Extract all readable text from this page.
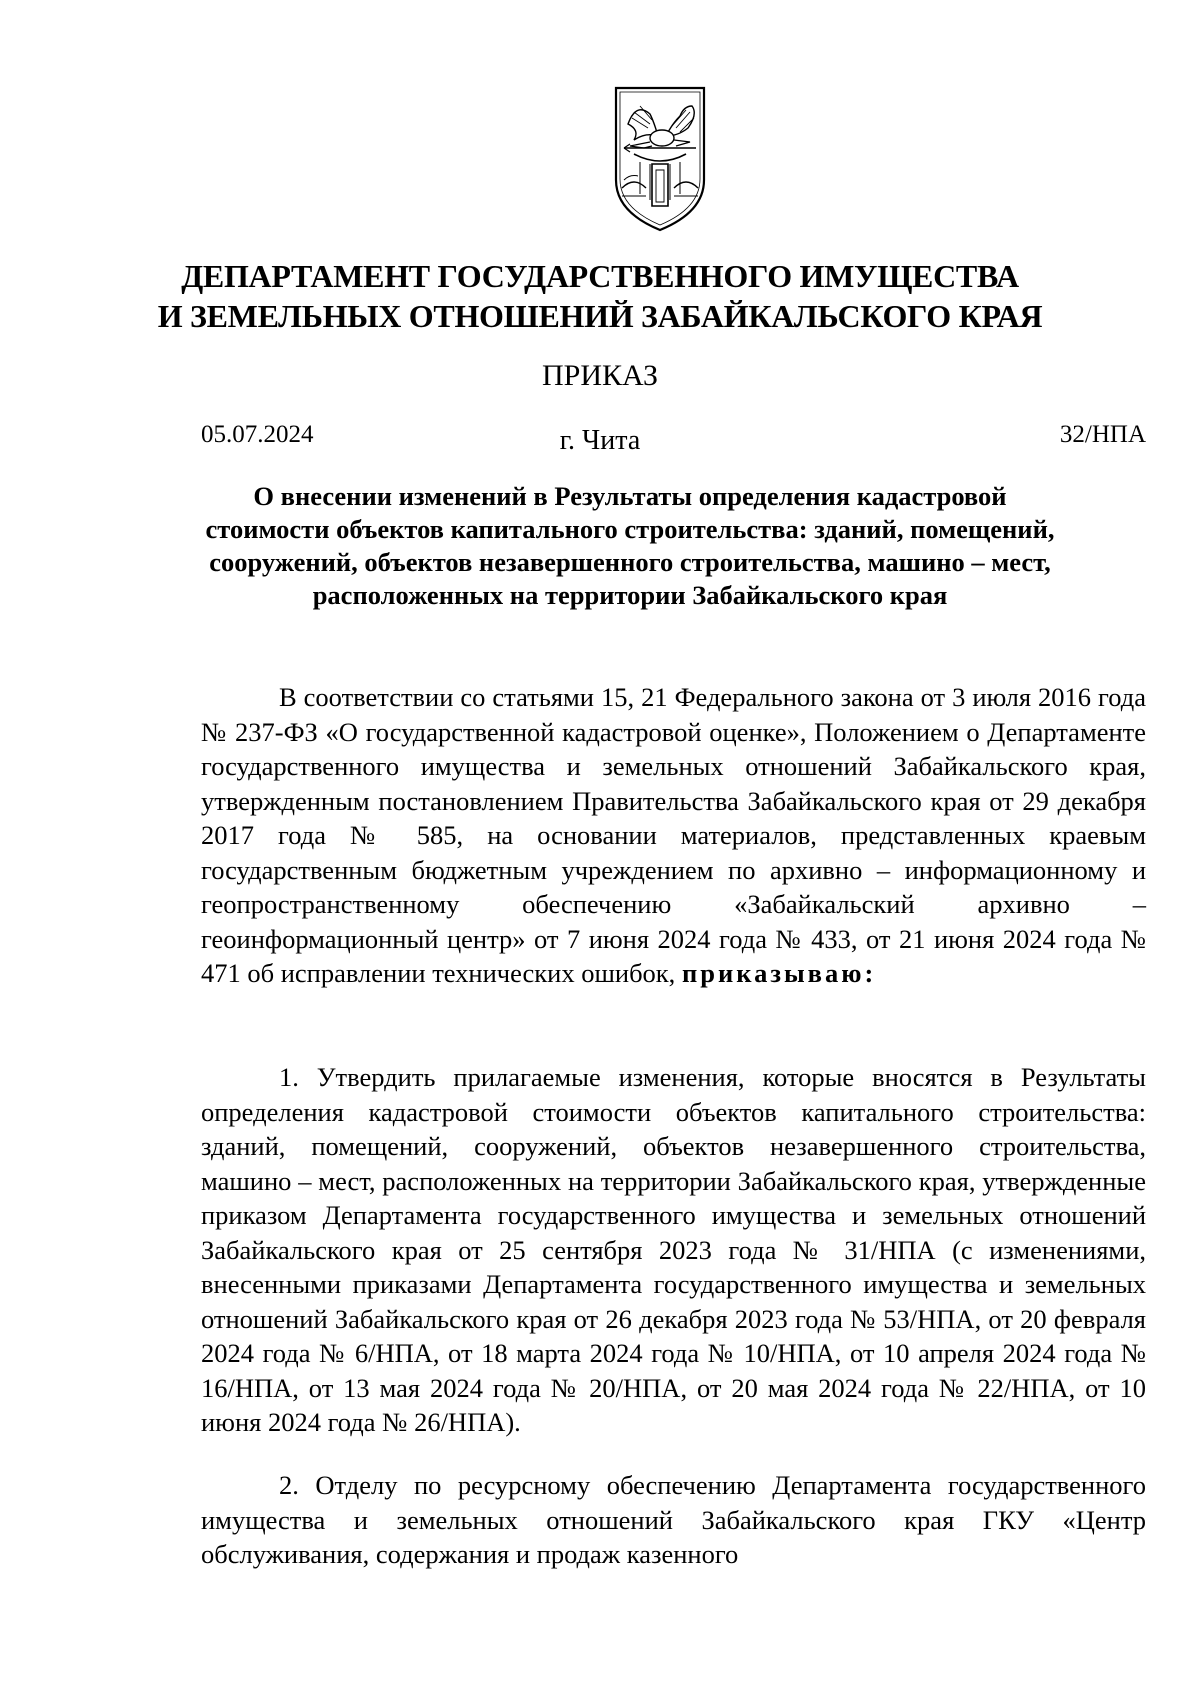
ДЕПАРТАМЕНТ ГОСУДАРСТВЕННОГО ИМУЩЕСТВА
И ЗЕМЕЛЬНЫХ ОТНОШЕНИЙ ЗАБАЙКАЛЬСКОГО КРАЯ
ПРИКАЗ
05.07.2024	г. Чита	32/НПА
О внесении изменений в Результаты определения кадастровой
стоимости объектов капитального строительства: зданий, помещений,
сооружений, объектов незавершенного строительства, машино – мест,
расположенных на территории Забайкальского края

В соответствии со статьями 15, 21 Федерального закона от 3 июля 2016 года № 237-ФЗ «О государственной кадастровой оценке», Положением о Департаменте государственного имущества и земельных отношений Забайкальского края, утвержденным постановлением Правительства Забайкальского края от 29 декабря 2017 года № 585, на основании материалов, представленных краевым государственным бюджетным учреждением по архивно – информационному и геопространственному обеспечению «Забайкальский архивно – геоинформационный центр» от 7 июня 2024 года № 433, от 21 июня 2024 года № 471 об исправлении технических ошибок, приказываю:

1. Утвердить прилагаемые изменения, которые вносятся в Результаты определения кадастровой стоимости объектов капитального строительства: зданий, помещений, сооружений, объектов незавершенного строительства, машино – мест, расположенных на территории Забайкальского края, утвержденные приказом Департамента государственного имущества и земельных отношений Забайкальского края от 25 сентября 2023 года № 31/НПА (с изменениями, внесенными приказами Департамента государственного имущества и земельных отношений Забайкальского края от 26 декабря 2023 года № 53/НПА, от 20 февраля 2024 года № 6/НПА, от 18 марта 2024 года № 10/НПА, от 10 апреля 2024 года № 16/НПА, от 13 мая 2024 года № 20/НПА, от 20 мая 2024 года № 22/НПА, от 10 июня 2024 года № 26/НПА).

2. Отделу по ресурсному обеспечению Департамента государственного имущества и земельных отношений Забайкальского края ГКУ «Центр обслуживания, содержания и продаж казенного
